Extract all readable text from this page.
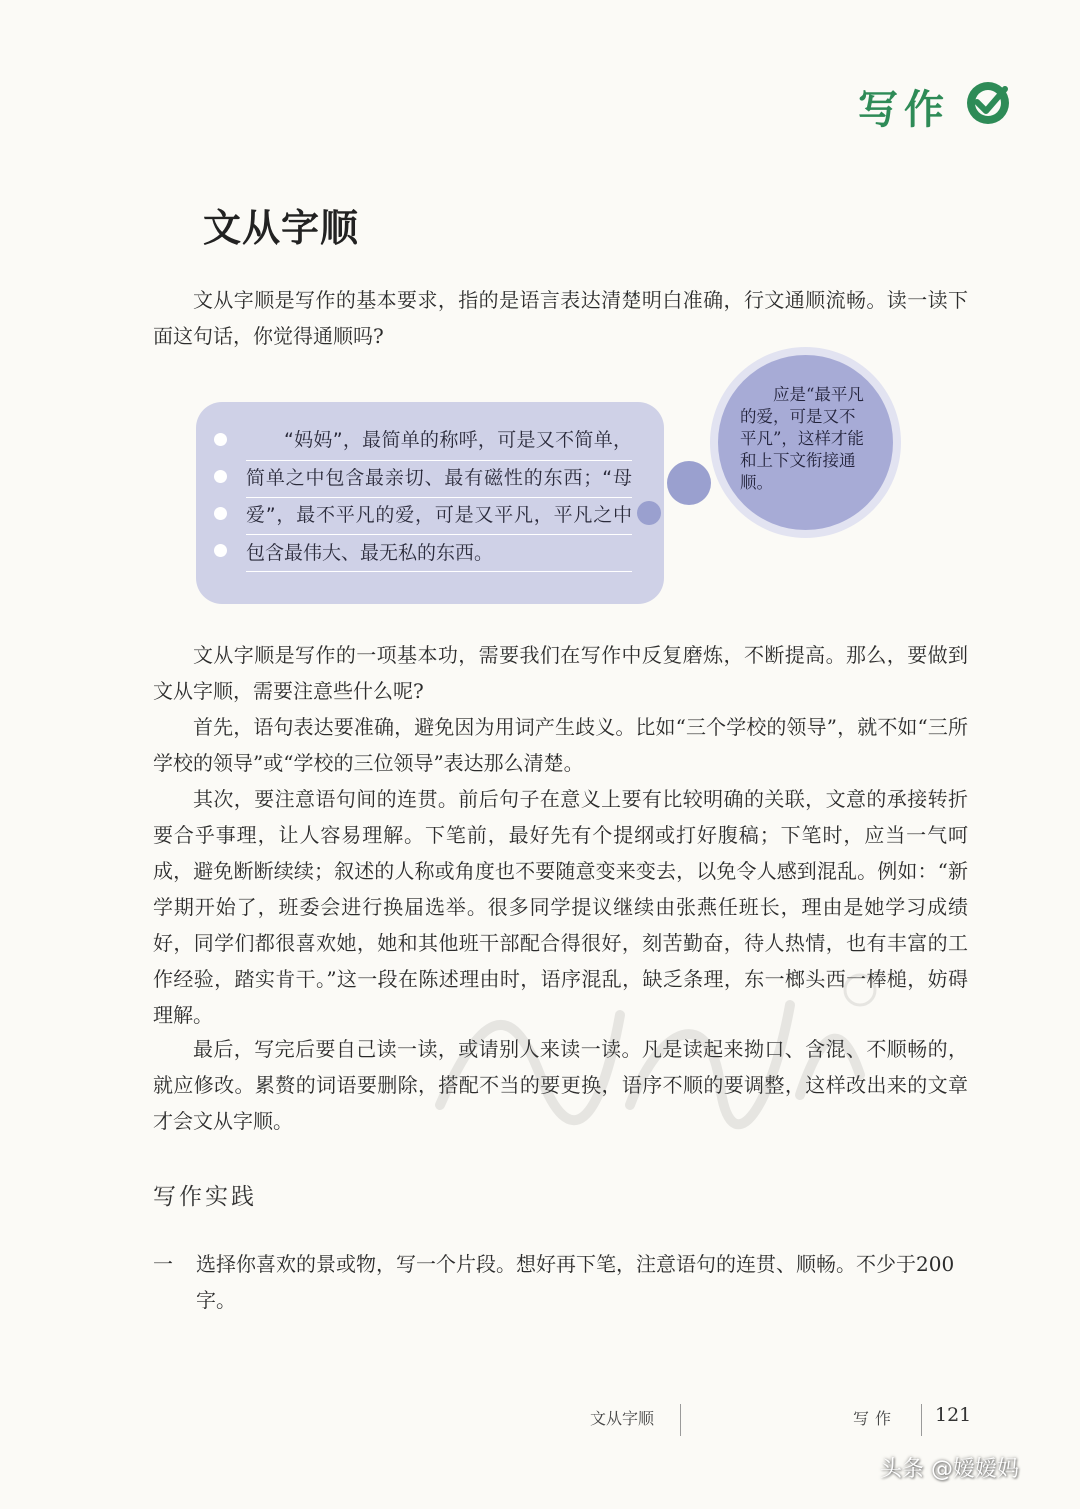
写作
文从字顺

文从字顺是写作的基本要求，指的是语言表达清楚明白准确，行文通顺流畅。读一读下面这句话，你觉得通顺吗?

“妈妈”，最简单的称呼，可是又不简单，简单之中包含最亲切、最有磁性的东西；“母爱”，最不平凡的爱，可是又平凡，平凡之中包含最伟大、最无私的东西。

应是“最平凡的爱，可是又不平凡”，这样才能和上下文衔接通顺。

文从字顺是写作的一项基本功，需要我们在写作中反复磨炼，不断提高。那么，要做到文从字顺，需要注意些什么呢?

首先，语句表达要准确，避免因为用词产生歧义。比如“三个学校的领导”，就不如“三所学校的领导”或“学校的三位领导”表达那么清楚。

其次，要注意语句间的连贯。前后句子在意义上要有比较明确的关联，文意的承接转折要合乎事理，让人容易理解。下笔前，最好先有个提纲或打好腹稿；下笔时，应当一气呵成，避免断断续续；叙述的人称或角度也不要随意变来变去，以免令人感到混乱。例如：“新学期开始了，班委会进行换届选举。很多同学提议继续由张燕任班长，理由是她学习成绩好，同学们都很喜欢她，她和其他班干部配合得很好，刻苦勤奋，待人热情，也有丰富的工作经验，踏实肯干。”这一段在陈述理由时，语序混乱，缺乏条理，东一榔头西一棒槌，妨碍理解。

最后，写完后要自己读一读，或请别人来读一读。凡是读起来拗口、含混、不顺畅的，就应修改。累赘的词语要删除，搭配不当的要更换，语序不顺的要调整，这样改出来的文章才会文从字顺。

写作实践
一 选择你喜欢的景或物，写一个片段。想好再下笔，注意语句的连贯、顺畅。不少于200字。

文从字顺	写作 121
头条 @嫒嫒妈
